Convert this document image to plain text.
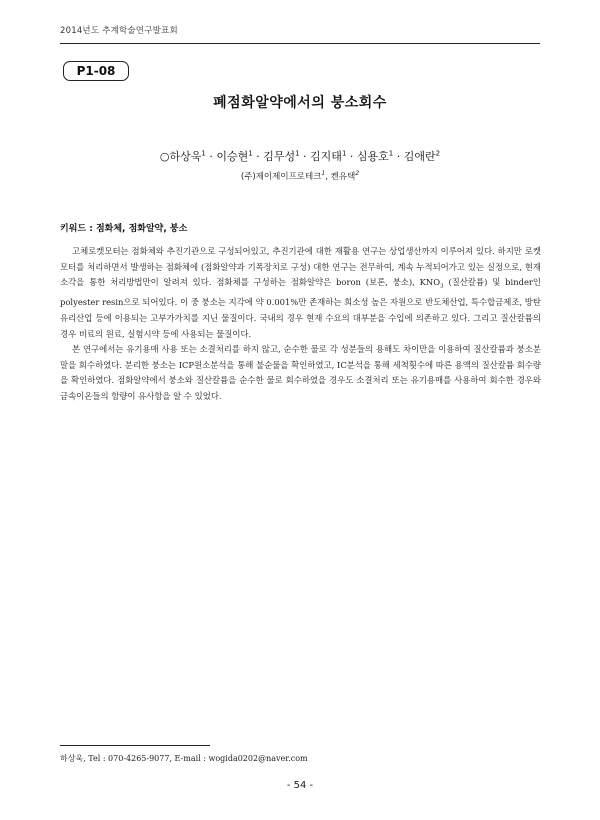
2014년도 추계학술연구발표회
P1-08
폐점화알약에서의 붕소회수
○하상욱$^1$ · 이승현$^1$ · 김무성$^1$ · 김지태$^1$ · 심용호$^1$ · 김애란$^2$
(주)제이제이프로테크$^1$, 켄유택$^2$
키워드 : 점화체, 점화알약, 붕소

고체로켓모터는 점화체와 추진기관으로 구성되어있고, 추진기관에 대한 재활용 연구는 상업생산까지 이루어져 있다. 하지만 로켓모터를 처리하면서 발생하는 점화체에 (점화알약과 기폭장치로 구성) 대한 연구는 전무하여, 계속 누적되어가고 있는 실정으로, 현재 소각을 통한 처리방법만이 알려져 있다. 점화체를 구성하는 점화알약은 boron (보론, 붕소), $KNO_3$ (질산칼륨) 및 binder인 polyester resin으로 되어있다. 이 중 붕소는 지각에 약 0.001%만 존재하는 희소성 높은 자원으로 반도체산업, 특수합금제조, 방탄유리산업 등에 이용되는 고부가가치를 지닌 물질이다. 국내의 경우 현재 수요의 대부분을 수입에 의존하고 있다. 그리고 질산칼륨의 경우 비료의 원료, 실험시약 등에 사용되는 물질이다.

본 연구에서는 유기용매 사용 또는 소결처리를 하지 않고, 순수한 물로 각 성분들의 용해도 차이만을 이용하여 질산칼륨과 붕소분말을 회수하였다. 분리한 붕소는 ICP원소분석을 통해 불순물을 확인하였고, IC분석을 통해 세척횟수에 따른 용액의 질산칼륨 회수량을 확인하였다. 점화알약에서 붕소와 질산칼륨을 순수한 물로 회수하였을 경우도 소결처리 또는 유기용매를 사용하여 회수한 경우와 금속이온들의 함량이 유사함을 알 수 있었다.

하상욱, Tel : 070-4265-9077, E-mail : wogida0202@naver.com
- 54 -
